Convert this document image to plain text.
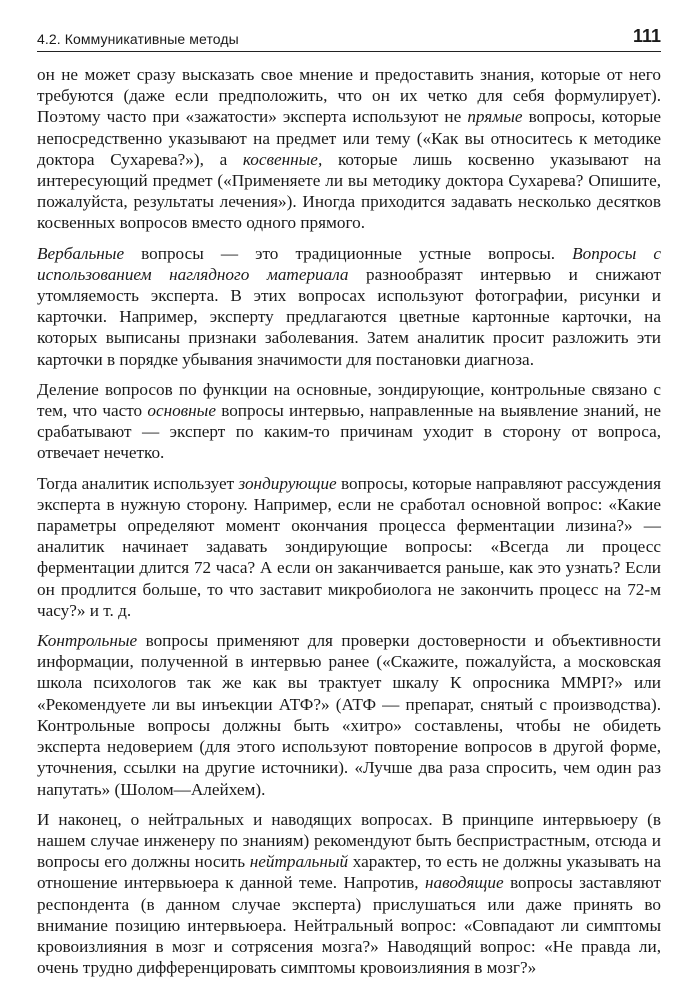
4.2. Коммуникативные методы	111

он не может сразу высказать свое мнение и предоставить знания, которые от него требуются (даже если предположить, что он их четко для себя формулирует). Поэтому часто при «зажатости» эксперта используют не прямые вопросы, которые непосредственно указывают на предмет или тему («Как вы относитесь к методике доктора Сухарева?»), а косвенные, которые лишь косвенно указывают на интересующий предмет («Применяете ли вы методику доктора Сухарева? Опишите, пожалуйста, результаты лечения»). Иногда приходится задавать несколько десятков косвенных вопросов вместо одного прямого.

Вербальные вопросы — это традиционные устные вопросы. Вопросы с использованием наглядного материала разнообразят интервью и снижают утомляемость эксперта. В этих вопросах используют фотографии, рисунки и карточки. Например, эксперту предлагаются цветные картонные карточки, на которых выписаны признаки заболевания. Затем аналитик просит разложить эти карточки в порядке убывания значимости для постановки диагноза.

Деление вопросов по функции на основные, зондирующие, контрольные связано с тем, что часто основные вопросы интервью, направленные на выявление знаний, не срабатывают — эксперт по каким-то причинам уходит в сторону от вопроса, отвечает нечетко.

Тогда аналитик использует зондирующие вопросы, которые направляют рассуждения эксперта в нужную сторону. Например, если не сработал основной вопрос: «Какие параметры определяют момент окончания процесса ферментации лизина?» — аналитик начинает задавать зондирующие вопросы: «Всегда ли процесс ферментации длится 72 часа? А если он заканчивается раньше, как это узнать? Если он продлится больше, то что заставит микробиолога не закончить процесс на 72-м часу?» и т. д.

Контрольные вопросы применяют для проверки достоверности и объективности информации, полученной в интервью ранее («Скажите, пожалуйста, а московская школа психологов так же как вы трактует шкалу К опросника MMPI?» или «Рекомендуете ли вы инъекции АТФ?» (АТФ — препарат, снятый с производства). Контрольные вопросы должны быть «хитро» составлены, чтобы не обидеть эксперта недоверием (для этого используют повторение вопросов в другой форме, уточнения, ссылки на другие источники). «Лучше два раза спросить, чем один раз напутать» (Шолом—Алейхем).

И наконец, о нейтральных и наводящих вопросах. В принципе интервьюеру (в нашем случае инженеру по знаниям) рекомендуют быть беспристрастным, отсюда и вопросы его должны носить нейтральный характер, то есть не должны указывать на отношение интервьюера к данной теме. Напротив, наводящие вопросы заставляют респондента (в данном случае эксперта) прислушаться или даже принять во внимание позицию интервьюера. Нейтральный вопрос: «Совпадают ли симптомы кровоизлияния в мозг и сотрясения мозга?» Наводящий вопрос: «Не правда ли, очень трудно дифференцировать симптомы кровоизлияния в мозг?»
